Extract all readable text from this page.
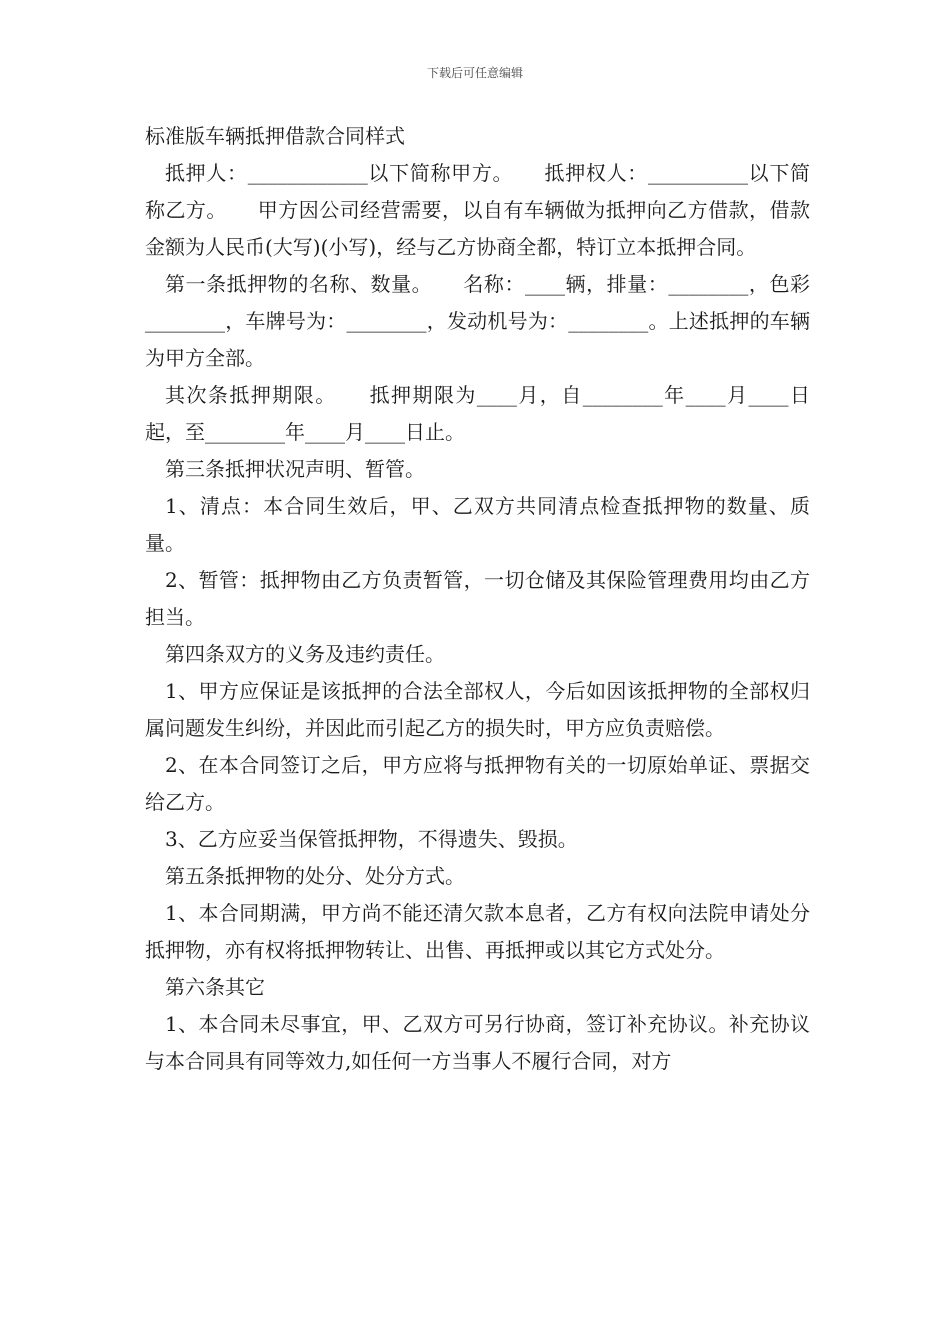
下载后可任意编辑
标准版车辆抵押借款合同样式

抵押人：____________以下简称甲方。　　抵押权人：__________以下简称乙方。　　甲方因公司经营需要，以自有车辆做为抵押向乙方借款，借款金额为人民币(大写)(小写)，经与乙方协商全都，特订立本抵押合同。

第一条抵押物的名称、数量。　　名称：____辆，排量：________，色彩________，车牌号为：________，发动机号为：________。上述抵押的车辆为甲方全部。

其次条抵押期限。　　抵押期限为____月，自________年____月____日起，至________年____月____日止。

第三条抵押状况声明、暂管。

1、清点：本合同生效后，甲、乙双方共同清点检查抵押物的数量、质量。

2、暂管：抵押物由乙方负责暂管，一切仓储及其保险管理费用均由乙方担当。

第四条双方的义务及违约责任。

1、甲方应保证是该抵押的合法全部权人，今后如因该抵押物的全部权归属问题发生纠纷，并因此而引起乙方的损失时，甲方应负责赔偿。

2、在本合同签订之后，甲方应将与抵押物有关的一切原始单证、票据交给乙方。

3、乙方应妥当保管抵押物，不得遗失、毁损。

第五条抵押物的处分、处分方式。

1、本合同期满，甲方尚不能还清欠款本息者，乙方有权向法院申请处分抵押物，亦有权将抵押物转让、出售、再抵押或以其它方式处分。

第六条其它

1、本合同未尽事宜，甲、乙双方可另行协商，签订补充协议。补充协议与本合同具有同等效力,如任何一方当事人不履行合同，对方
